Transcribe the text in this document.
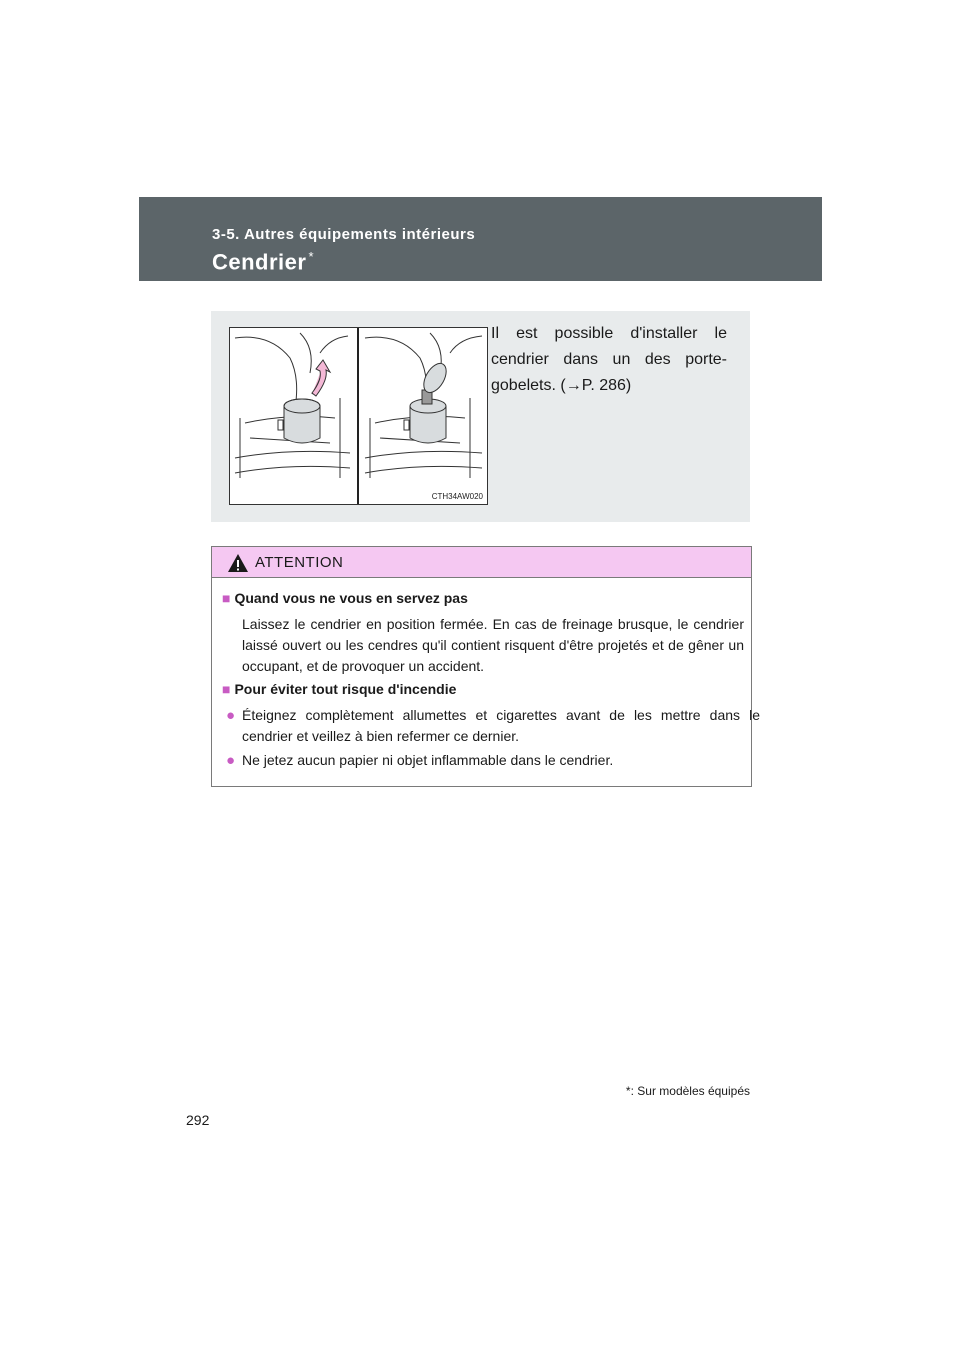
3-5. Autres équipements intérieurs
Cendrier *
CTH34AW020
Il est possible d'installer le cendrier dans un des porte-gobelets. (→P. 286)
ATTENTION
■ Quand vous ne vous en servez pas
Laissez le cendrier en position fermée. En cas de freinage brusque, le cendrier laissé ouvert ou les cendres qu'il contient risquent d'être projetés et de gêner un occupant, et de provoquer un accident.
■ Pour éviter tout risque d'incendie
● Éteignez complètement allumettes et cigarettes avant de les mettre dans le cendrier et veillez à bien refermer ce dernier.
● Ne jetez aucun papier ni objet inflammable dans le cendrier.
*: Sur modèles équipés
292
